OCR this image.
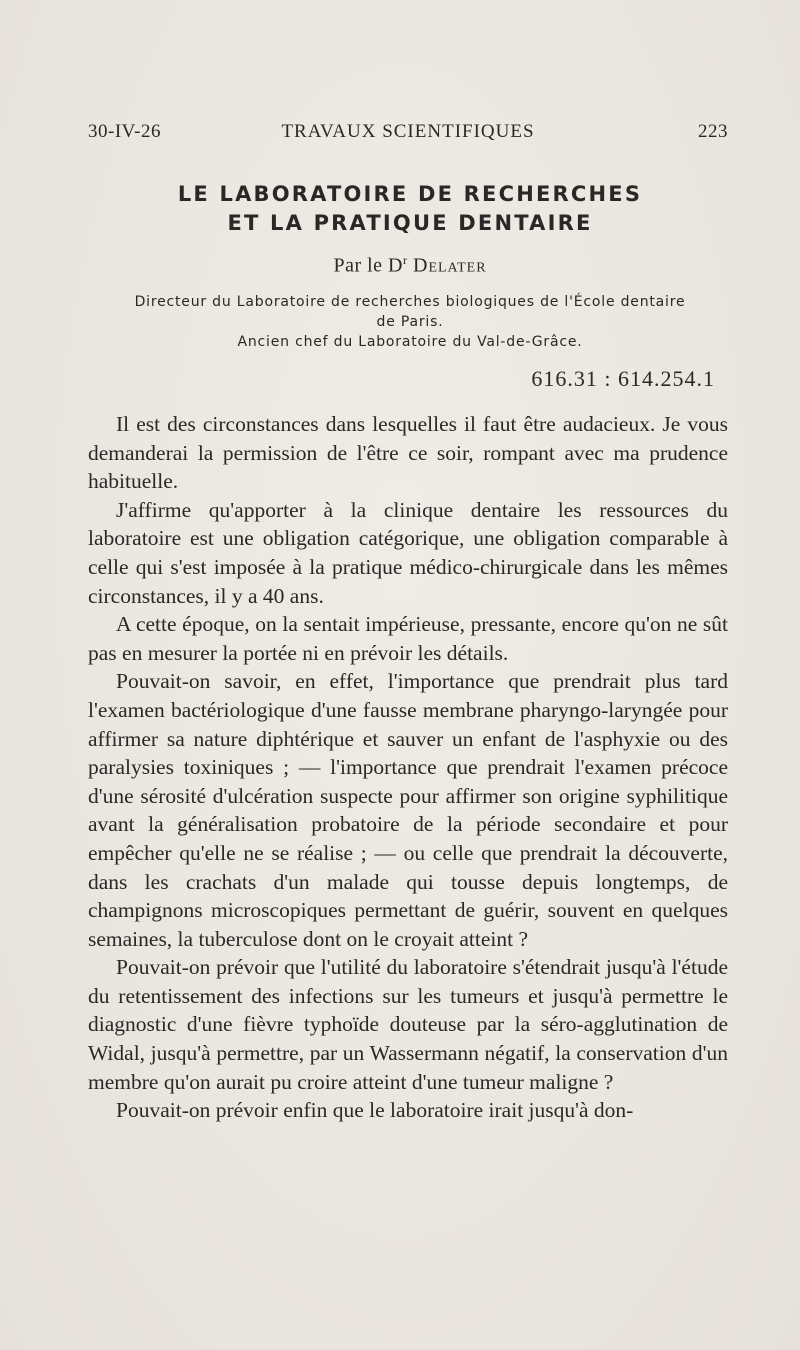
30-IV-26	TRAVAUX SCIENTIFIQUES	223
LE LABORATOIRE DE RECHERCHES
ET LA PRATIQUE DENTAIRE
Par le $D^r$ Delater
Directeur du Laboratoire de recherches biologiques de l'École dentaire
de Paris.
Ancien chef du Laboratoire du Val-de-Grâce.
616.31 : 614.254.1

Il est des circonstances dans lesquelles il faut être audacieux. Je vous demanderai la permission de l'être ce soir, rompant avec ma prudence habituelle.

J'affirme qu'apporter à la clinique dentaire les ressources du laboratoire est une obligation catégorique, une obligation comparable à celle qui s'est imposée à la pratique médico-chirurgicale dans les mêmes circonstances, il y a 40 ans.

A cette époque, on la sentait impérieuse, pressante, encore qu'on ne sût pas en mesurer la portée ni en prévoir les détails.

Pouvait-on savoir, en effet, l'importance que prendrait plus tard l'examen bactériologique d'une fausse membrane pharyngo-laryngée pour affirmer sa nature diphtérique et sauver un enfant de l'asphyxie ou des paralysies toxiniques ; — l'importance que prendrait l'examen précoce d'une sérosité d'ulcération suspecte pour affirmer son origine syphilitique avant la généralisation probatoire de la période secondaire et pour empêcher qu'elle ne se réalise ; — ou celle que prendrait la découverte, dans les crachats d'un malade qui tousse depuis longtemps, de champignons microscopiques permettant de guérir, souvent en quelques semaines, la tuberculose dont on le croyait atteint ?

Pouvait-on prévoir que l'utilité du laboratoire s'étendrait jusqu'à l'étude du retentissement des infections sur les tumeurs et jusqu'à permettre le diagnostic d'une fièvre typhoïde douteuse par la séro-agglutination de Widal, jusqu'à permettre, par un Wassermann négatif, la conservation d'un membre qu'on aurait pu croire atteint d'une tumeur maligne ?

Pouvait-on prévoir enfin que le laboratoire irait jusqu'à don-
